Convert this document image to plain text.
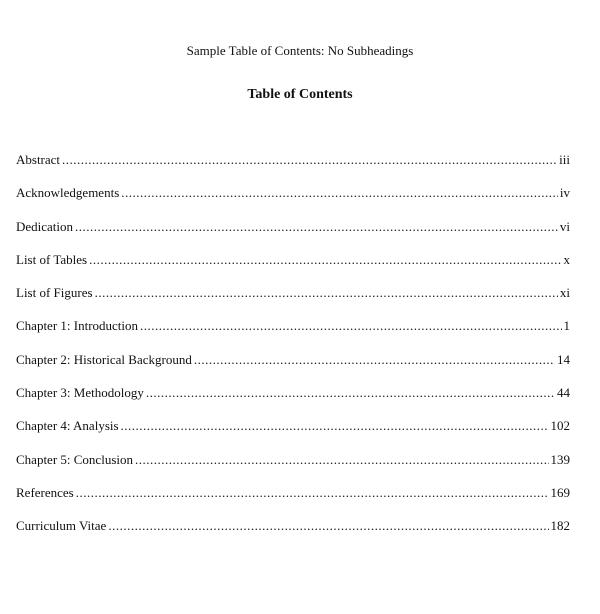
Sample Table of Contents: No Subheadings
Table of Contents
Abstract .....	iii
Acknowledgements .....	iv
Dedication .....	vi
List of Tables .....	x
List of Figures .....	xi
Chapter 1: Introduction .....	1
Chapter 2: Historical Background .....	14
Chapter 3: Methodology .....	44
Chapter 4: Analysis .....	102
Chapter 5: Conclusion .....	139
References .....	169
Curriculum Vitae .....	182
